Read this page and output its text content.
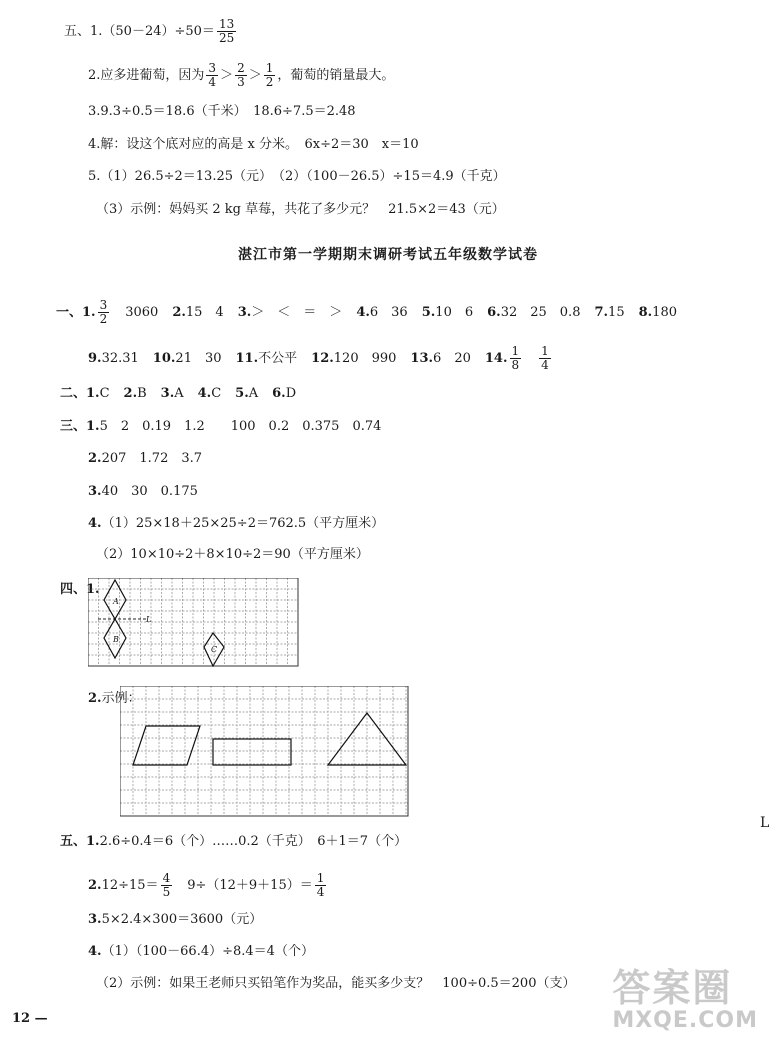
五、$1.(50-24)\div 50= \frac{13}{25}$
2.应多进葡萄，因为 $\frac{3}{4} > \frac{2}{3} > \frac{1}{2}$ ，葡萄的销量最大。
3.9.3÷0.5＝18.6（千米）　18.6÷7.5＝2.48
4.解：设这个底对应的高是 x 分米。　6x÷2＝30　x＝10
5.（1）26.5÷2＝13.25（元）　（2）（100－26.5）÷15＝4.9（千克）
（3）示例：妈妈买 2 kg 草莓，共花了多少元？　21.5×2＝43（元）
湛江市第一学期期末调研考试五年级数学试卷
一、1. $\frac{3}{2} 3060$ 2.15　4 3.＞　＜　＝　＞ 4.6　36 5.10　6 6.32　25　0.8 7.15 8.180
9.32.31 10.21　30 11.不公平 12.120　990 13.6　20 14. $\frac{1}{8} \frac{1}{4}$
二、1.C 2.B 3.A 4.C 5.A 6.D
三、1.5　2　0.19　1.2　　100　0.2　0.375　0.74
2.207　1.72　3.7
3.40　30　0.175
4.（1）25×18＋25×25÷2＝762.5（平方厘米）
（2）10×10÷2＋8×10÷2＝90（平方厘米）
四、1.
A
B
C
L
2.示例：
L
五、1.2.6÷0.4＝6（个）……0.2（千克）　6＋1＝7（个）
$2.12\div 15= \frac{4}{5}$ 　$9\div(12+9+15)= \frac{1}{4}$
3.5×2.4×300＝3600（元）
4.（1）（100－66.4）÷8.4＝4（个）
（2）示例：如果王老师只买铅笔作为奖品，能买多少支？　100÷0.5＝200（支）
12 —
答案圈
MXQE.COM
